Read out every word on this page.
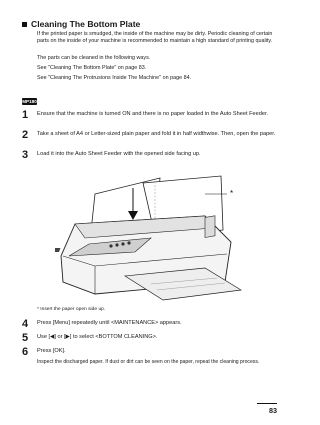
Cleaning The Bottom Plate
If the printed paper is smudged, the inside of the machine may be dirty. Periodic cleaning of certain parts on the inside of your machine is recommended to maintain a high standard of printing quality.
The parts can be cleaned in the following ways.
See "Cleaning The Bottom Plate" on page 83.
See "Cleaning The Protrusions Inside The Machine" on page 84.
MP180
1 Ensure that the machine is turned ON and there is no paper loaded in the Auto Sheet Feeder.
2 Take a sheet of A4 or Letter-sized plain paper and fold it in half widthwise. Then, open the paper.
3 Load it into the Auto Sheet Feeder with the opened side facing up.
*
* Insert the paper open side up.
4 Press [Menu] repeatedly until <MAINTENANCE> appears.
5 Use [◀] or [▶] to select <BOTTOM CLEANING>.
6 Press [OK].
Inspect the discharged paper. If dust or dirt can be seen on the paper, repeat the cleaning process.
83
